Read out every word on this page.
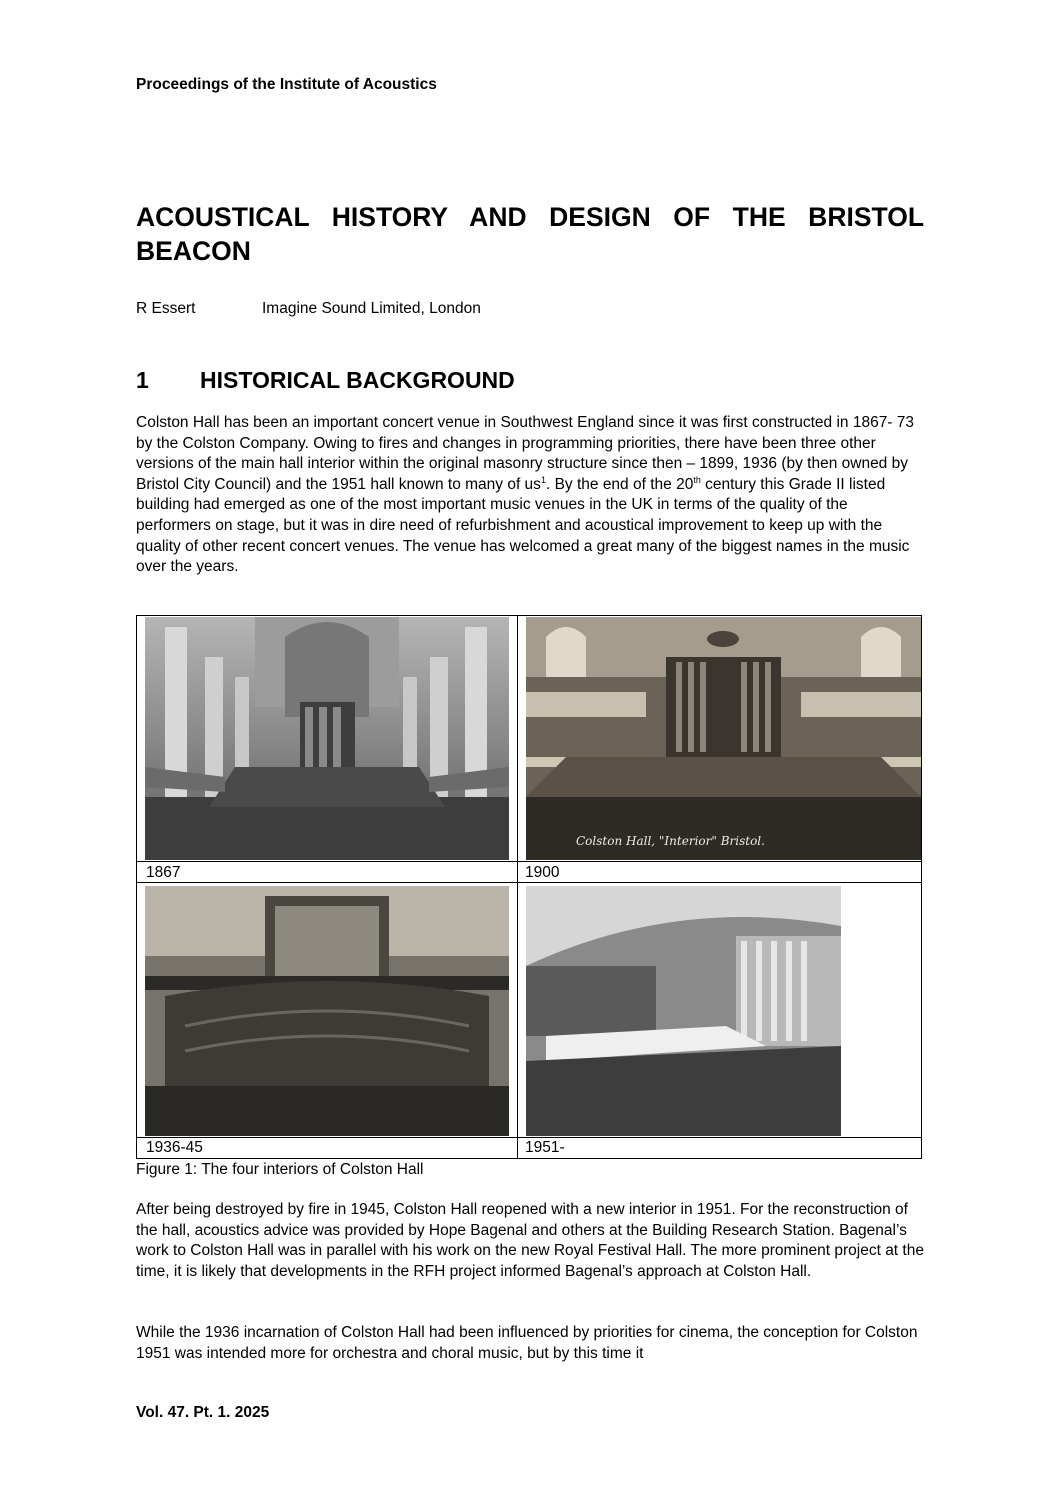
Proceedings of the Institute of Acoustics
ACOUSTICAL HISTORY AND DESIGN OF THE BRISTOL BEACON
R Essert	Imagine Sound Limited, London
1 HISTORICAL BACKGROUND
Colston Hall has been an important concert venue in Southwest England since it was first constructed in 1867- 73 by the Colston Company. Owing to fires and changes in programming priorities, there have been three other versions of the main hall interior within the original masonry structure since then – 1899, 1936 (by then owned by Bristol City Council) and the 1951 hall known to many of $us^1$. By the end of the 20th century this Grade II listed building had emerged as one of the most important music venues in the UK in terms of the quality of the performers on stage, but it was in dire need of refurbishment and acoustical improvement to keep up with the quality of other recent concert venues. The venue has welcomed a great many of the biggest names in the music over the years.
Colston Hall, "Interior" Bristol.
1867	1900
1936-45	1951-
Figure 1: The four interiors of Colston Hall
After being destroyed by fire in 1945, Colston Hall reopened with a new interior in 1951. For the reconstruction of the hall, acoustics advice was provided by Hope Bagenal and others at the Building Research Station. Bagenal’s work to Colston Hall was in parallel with his work on the new Royal Festival Hall. The more prominent project at the time, it is likely that developments in the RFH project informed Bagenal’s approach at Colston Hall.
While the 1936 incarnation of Colston Hall had been influenced by priorities for cinema, the conception for Colston 1951 was intended more for orchestra and choral music, but by this time it
Vol. 47. Pt. 1. 2025
